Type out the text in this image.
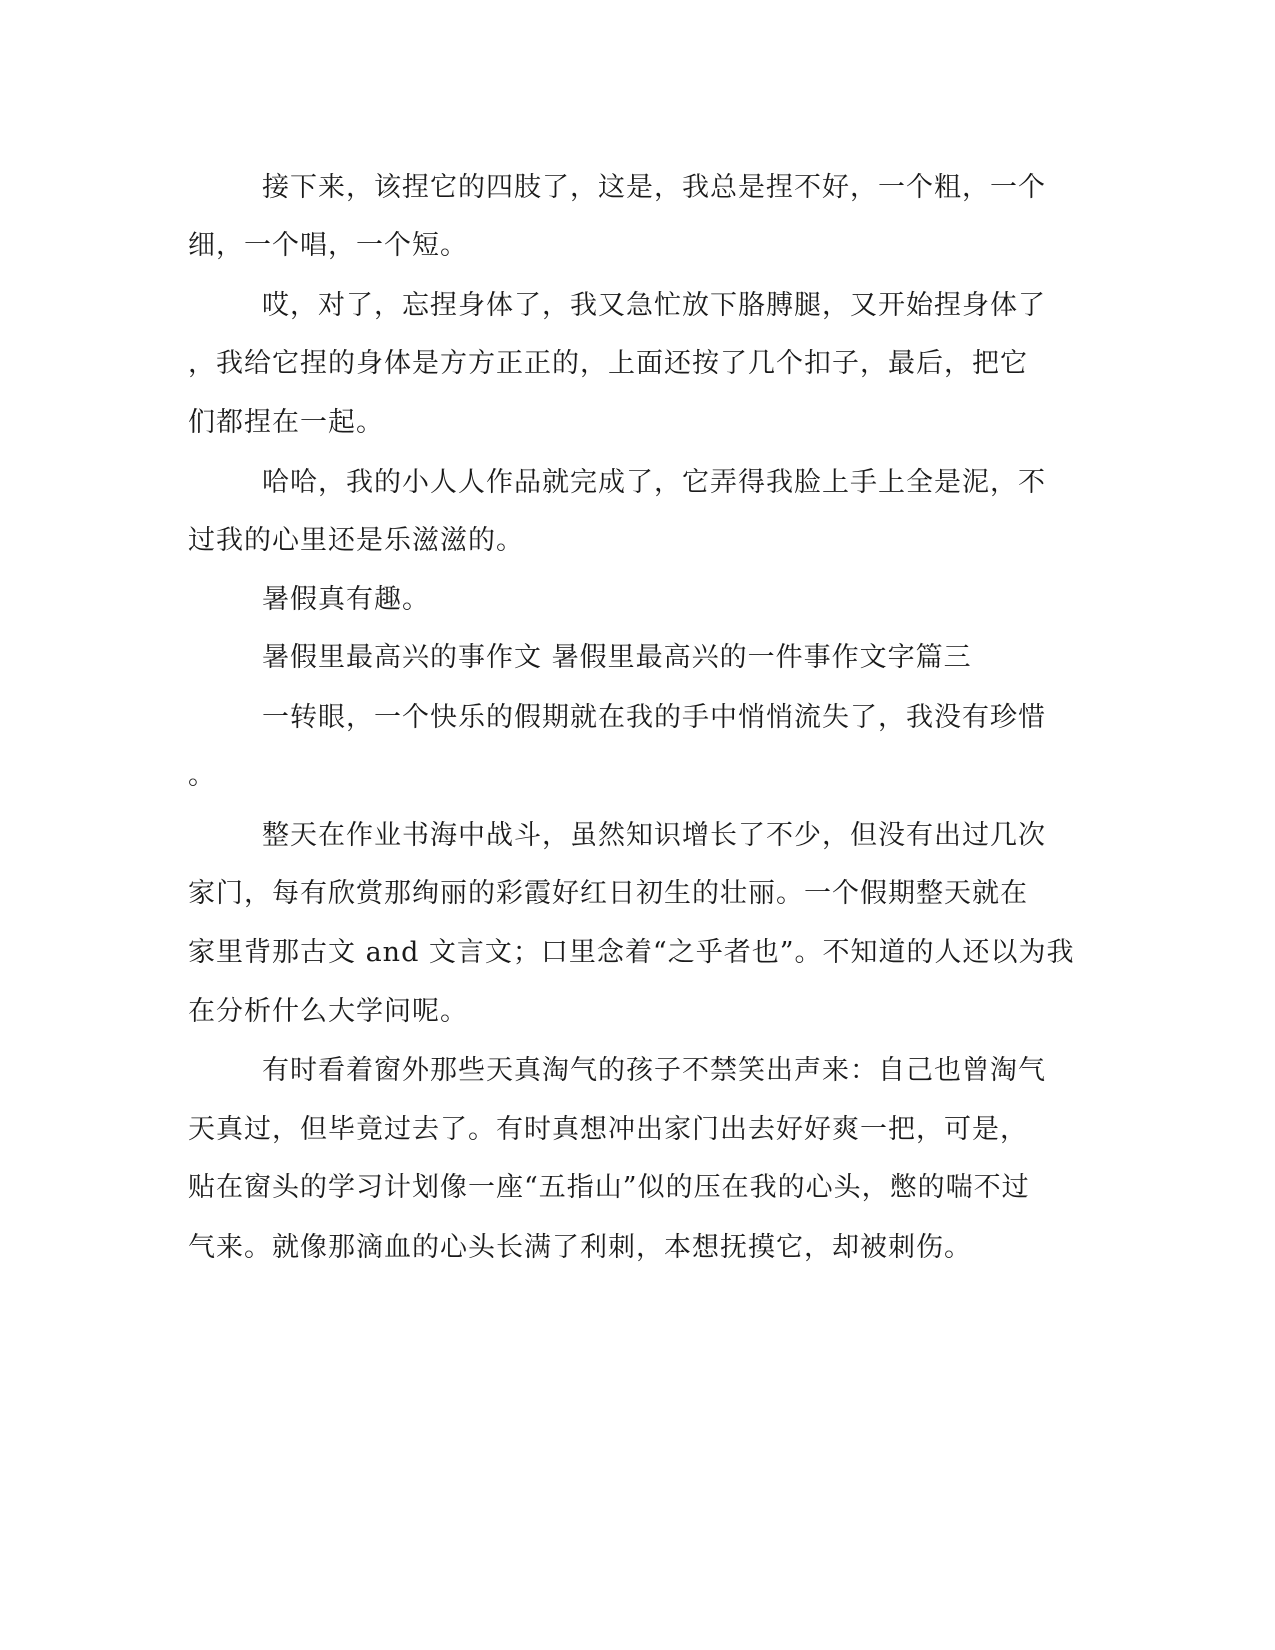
接下来，该捏它的四肢了，这是，我总是捏不好，一个粗，一个

细，一个唱，一个短。

哎，对了，忘捏身体了，我又急忙放下胳膊腿，又开始捏身体了

，我给它捏的身体是方方正正的，上面还按了几个扣子，最后，把它

们都捏在一起。

哈哈，我的小人人作品就完成了，它弄得我脸上手上全是泥，不

过我的心里还是乐滋滋的。

暑假真有趣。

暑假里最高兴的事作文 暑假里最高兴的一件事作文字篇三

一转眼，一个快乐的假期就在我的手中悄悄流失了，我没有珍惜

。

整天在作业书海中战斗，虽然知识增长了不少，但没有出过几次

家门，每有欣赏那绚丽的彩霞好红日初生的壮丽。一个假期整天就在

家里背那古文 and 文言文；口里念着“之乎者也”。不知道的人还以为我

在分析什么大学问呢。

有时看着窗外那些天真淘气的孩子不禁笑出声来：自己也曾淘气

天真过，但毕竟过去了。有时真想冲出家门出去好好爽一把，可是，

贴在窗头的学习计划像一座“五指山”似的压在我的心头，憋的喘不过

气来。就像那滴血的心头长满了利刺，本想抚摸它，却被刺伤。
